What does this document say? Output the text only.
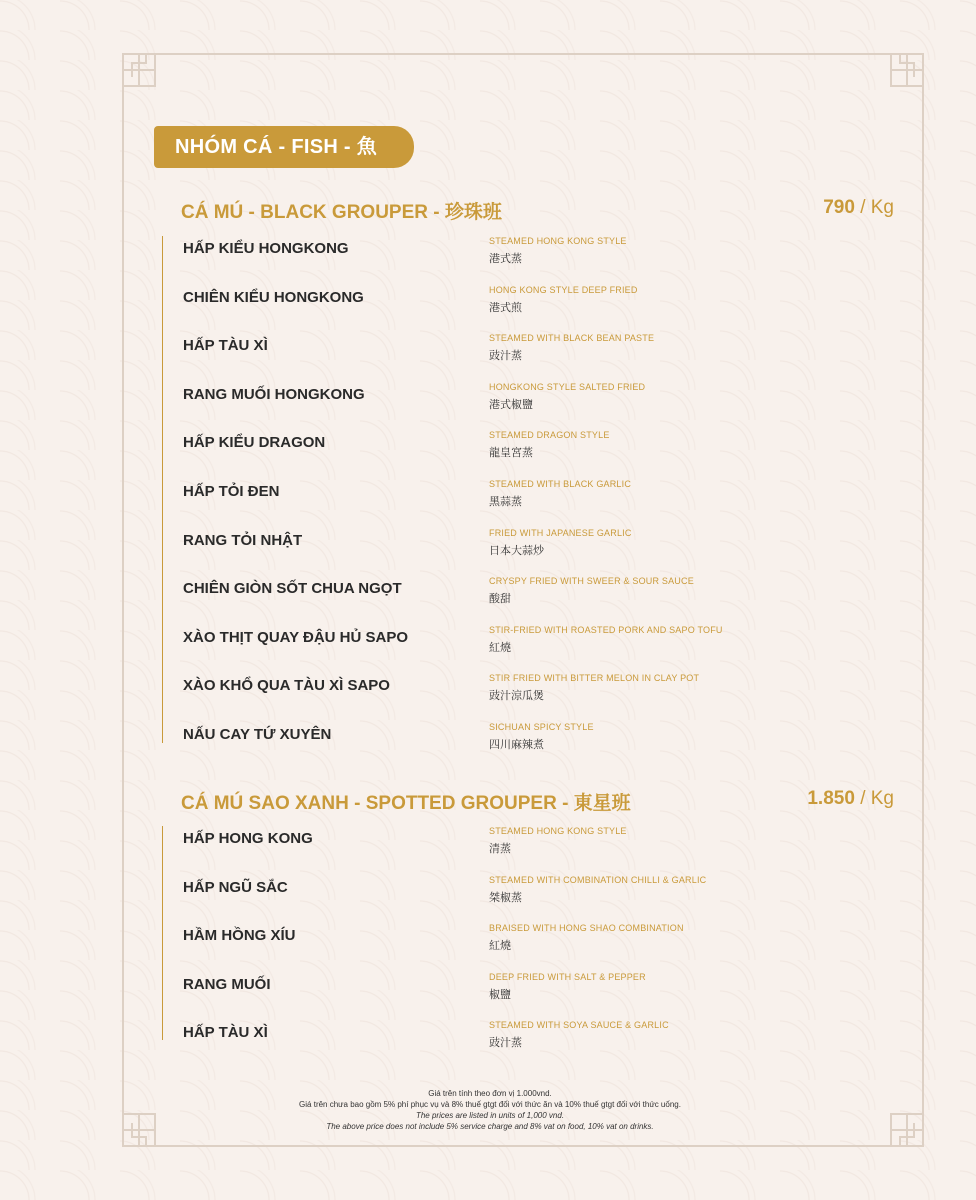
NHÓM CÁ - FISH - 魚
CÁ MÚ - BLACK GROUPER - 珍珠班	790 / Kg
HẤP KIỂU HONGKONG	STEAMED HONG KONG STYLE
港式蒸
CHIÊN KIỂU HONGKONG	HONG KONG STYLE DEEP FRIED
港式煎
HẤP TÀU XÌ	STEAMED WITH BLACK BEAN PASTE
豉汁蒸
RANG MUỐI HONGKONG	HONGKONG STYLE SALTED FRIED
港式椒鹽
HẤP KIỂU DRAGON	STEAMED DRAGON STYLE
龍皇宮蒸
HẤP TỎI ĐEN	STEAMED WITH BLACK GARLIC
黑蒜蒸
RANG TỎI NHẬT	FRIED WITH JAPANESE GARLIC
日本大蒜炒
CHIÊN GIÒN SỐT CHUA NGỌT	CRYSPY FRIED WITH SWEER & SOUR SAUCE
酸甜
XÀO THỊT QUAY ĐẬU HỦ SAPO	STIR-FRIED WITH ROASTED PORK AND SAPO TOFU
紅燒
XÀO KHỔ QUA TÀU XÌ SAPO	STIR FRIED WITH BITTER MELON IN CLAY POT
豉汁涼瓜煲
NẤU CAY TỨ XUYÊN	SICHUAN SPICY STYLE
四川麻辣煮
CÁ MÚ SAO XANH - SPOTTED GROUPER - 東星班	1.850 / Kg
HẤP HONG KONG	STEAMED HONG KONG STYLE
清蒸
HẤP NGŨ SẮC	STEAMED WITH COMBINATION CHILLI & GARLIC
桀椒蒸
HẦM HỒNG XÍU	BRAISED WITH HONG SHAO COMBINATION
紅燒
RANG MUỐI	DEEP FRIED WITH SALT & PEPPER
椒鹽
HẤP TÀU XÌ	STEAMED WITH SOYA SAUCE & GARLIC
豉汁蒸
Giá trên tính theo đơn vị 1.000vnd.
Giá trên chưa bao gồm 5% phí phục vụ và 8% thuế gtgt đối với thức ăn và 10% thuế gtgt đối với thức uống.
The prices are listed in units of 1,000 vnd.
The above price does not include 5% service charge and 8% vat on food, 10% vat on drinks.
